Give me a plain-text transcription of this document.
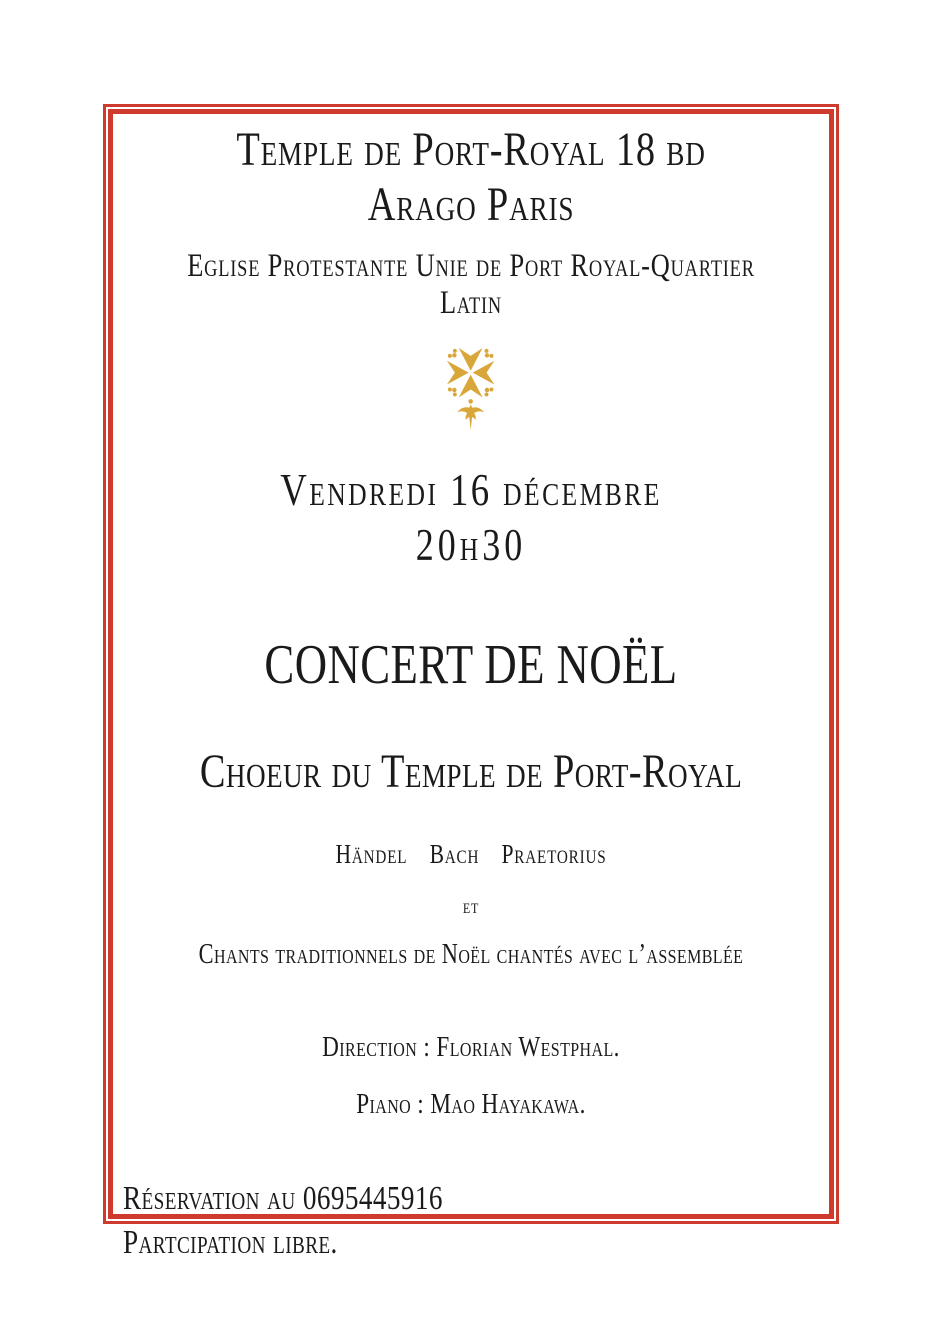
Temple de Port-Royal 18 bd Arago Paris
Eglise Protestante Unie de Port Royal-Quartier Latin
Vendredi 16 décembre
20h30
CONCERT DE NOËL
Choeur du Temple de Port-Royal
Händel Bach Praetorius
et
Chants traditionnels de Noël chantés avec l’assemblée
Direction : Florian Westphal.
Piano : Mao Hayakawa.
Réservation au 0695445916
Partcipation libre.
